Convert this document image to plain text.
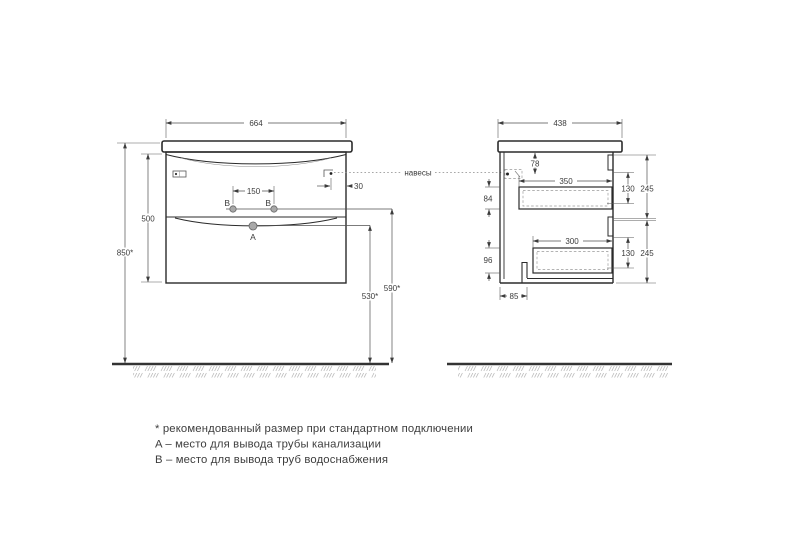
B	B
A
664
500
850*
150
30
530*
590*
навесы
438
78
350
84
130 245
300
96
130 245
85
* рекомендованный размер при стандартном подключении
A – место для вывода трубы канализации
B – место для вывода труб водоснабжения
